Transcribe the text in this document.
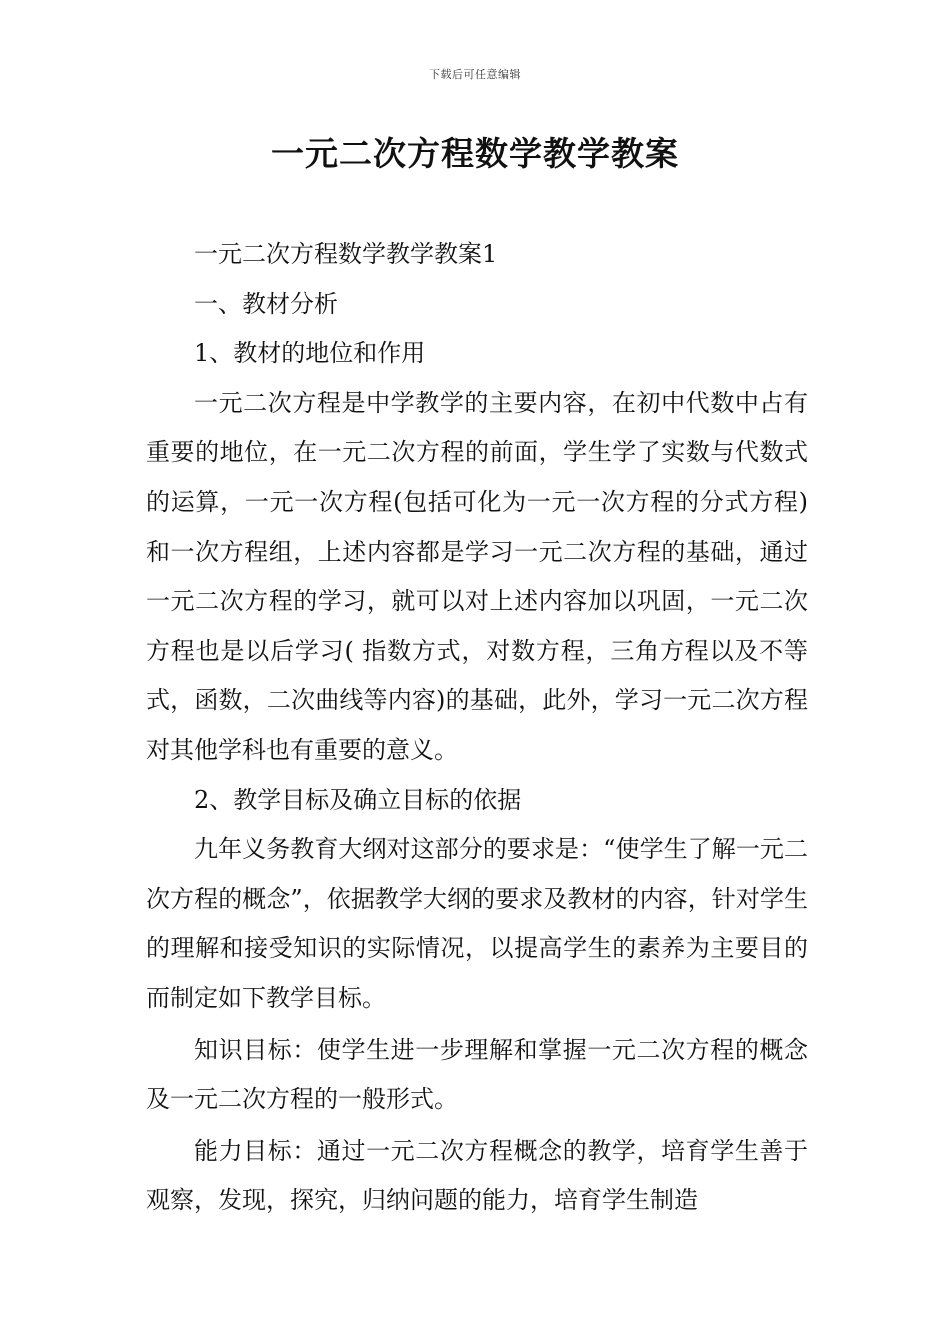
下载后可任意编辑
一元二次方程数学教学教案

一元二次方程数学教学教案1

一、教材分析

1、教材的地位和作用

一元二次方程是中学教学的主要内容，在初中代数中占有重要的地位，在一元二次方程的前面，学生学了实数与代数式的运算，一元一次方程(包括可化为一元一次方程的分式方程)和一次方程组，上述内容都是学习一元二次方程的基础，通过一元二次方程的学习，就可以对上述内容加以巩固，一元二次方程也是以后学习( 指数方式，对数方程，三角方程以及不等式，函数，二次曲线等内容)的基础，此外，学习一元二次方程对其他学科也有重要的意义。

2、教学目标及确立目标的依据

九年义务教育大纲对这部分的要求是：“使学生了解一元二次方程的概念”，依据教学大纲的要求及教材的内容，针对学生的理解和接受知识的实际情况，以提高学生的素养为主要目的而制定如下教学目标。

知识目标：使学生进一步理解和掌握一元二次方程的概念及一元二次方程的一般形式。

能力目标：通过一元二次方程概念的教学，培育学生善于观察，发现，探究，归纳问题的能力，培育学生制造
